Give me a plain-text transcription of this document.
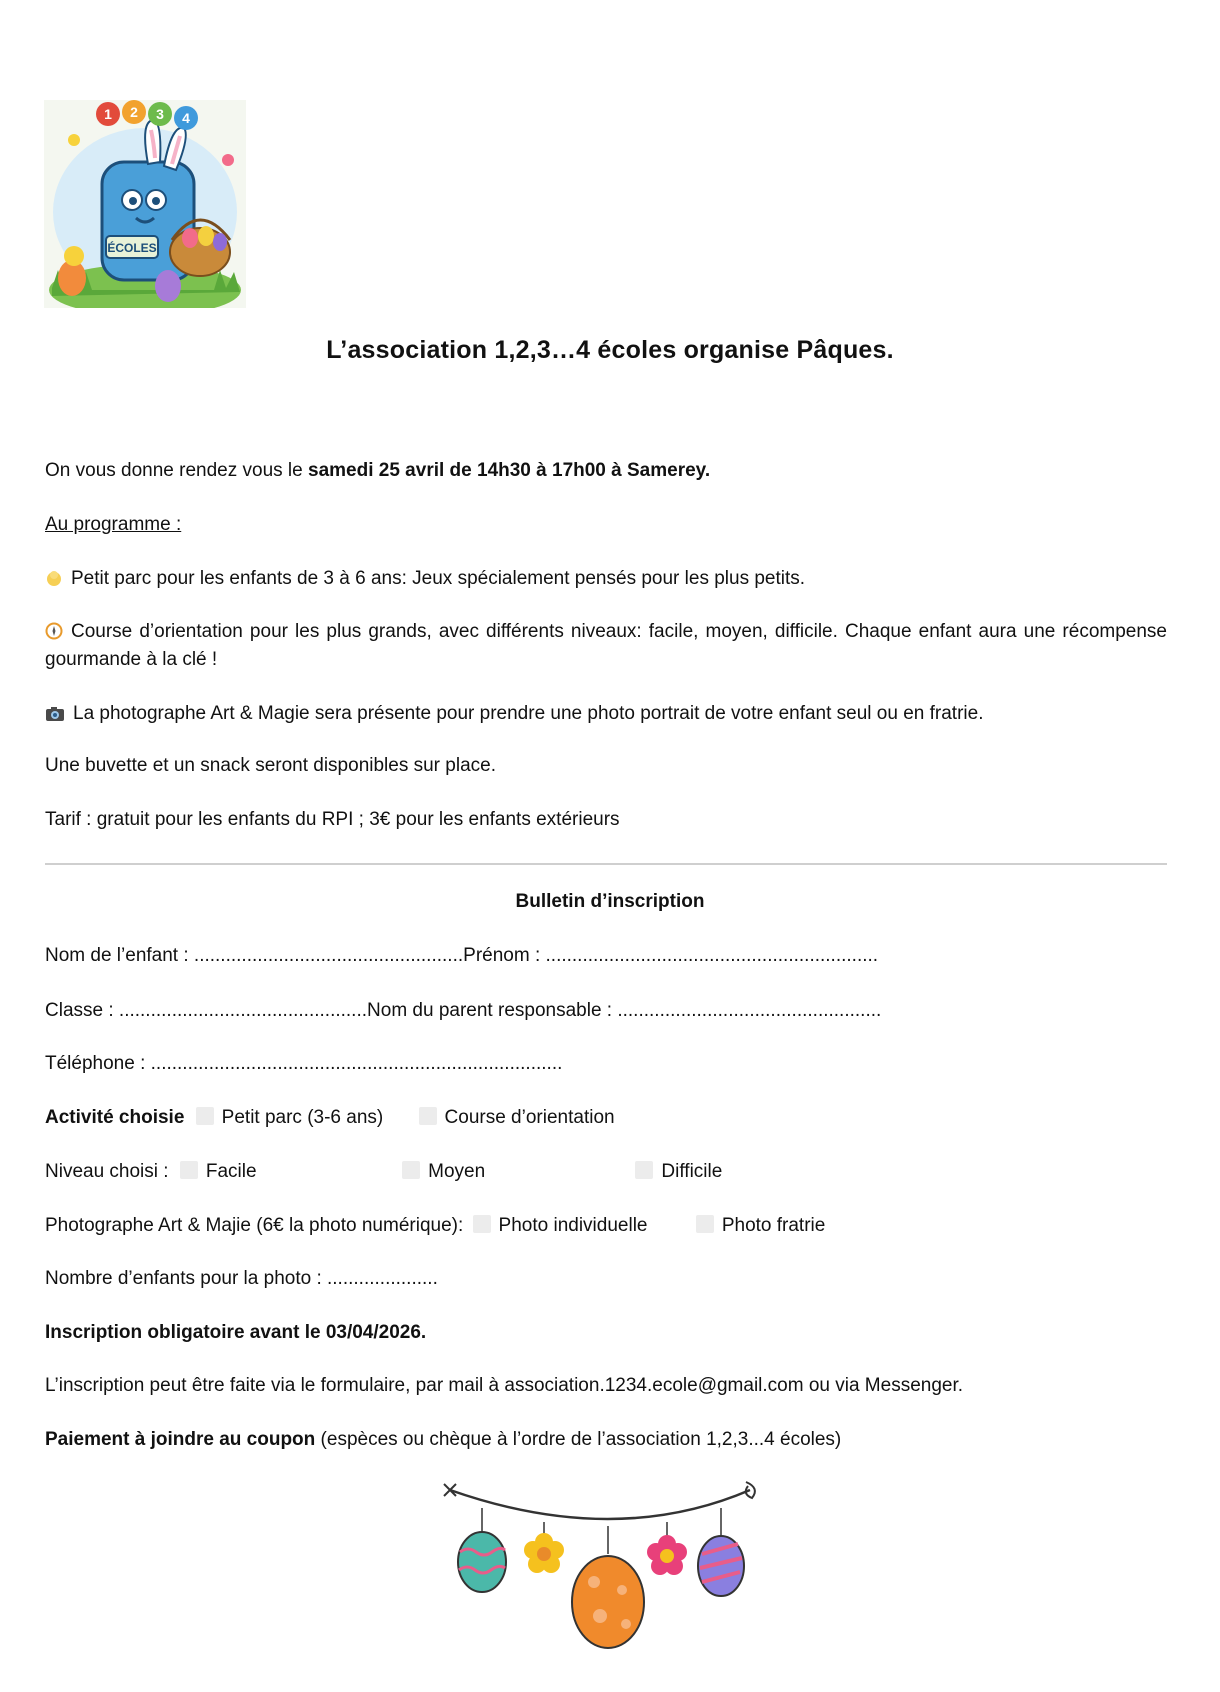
ÉCOLES
1 2 3 4
L’association 1,2,3…4 écoles organise Pâques.
On vous donne rendez vous le samedi 25 avril de 14h30 à 17h00 à Samerey.
Au programme :
Petit parc pour les enfants de 3 à 6 ans: Jeux spécialement pensés pour les plus petits.
Course d’orientation pour les plus grands, avec différents niveaux: facile, moyen, difficile. Chaque enfant aura une récompense gourmande à la clé !
La photographe Art & Magie sera présente pour prendre une photo portrait de votre enfant seul ou en fratrie.
Une buvette et un snack seront disponibles sur place.
Tarif : gratuit pour les enfants du RPI ; 3€ pour les enfants extérieurs
Bulletin d’inscription
Nom de l’enfant : ...................................................Prénom : ...............................................................
Classe : ...............................................Nom du parent responsable : ..................................................
Téléphone : ..............................................................................
Activité choisie Petit parc (3-6 ans)	Course d’orientation
Niveau choisi : Facile	Moyen	Difficile
Photographe Art & Majie (6€ la photo numérique): Photo individuelle	Photo fratrie
Nombre d’enfants pour la photo : .....................
Inscription obligatoire avant le 03/04/2026.
L’inscription peut être faite via le formulaire, par mail à association.1234.ecole@gmail.com ou via Messenger.
Paiement à joindre au coupon (espèces ou chèque à l’ordre de l’association 1,2,3...4 écoles)
